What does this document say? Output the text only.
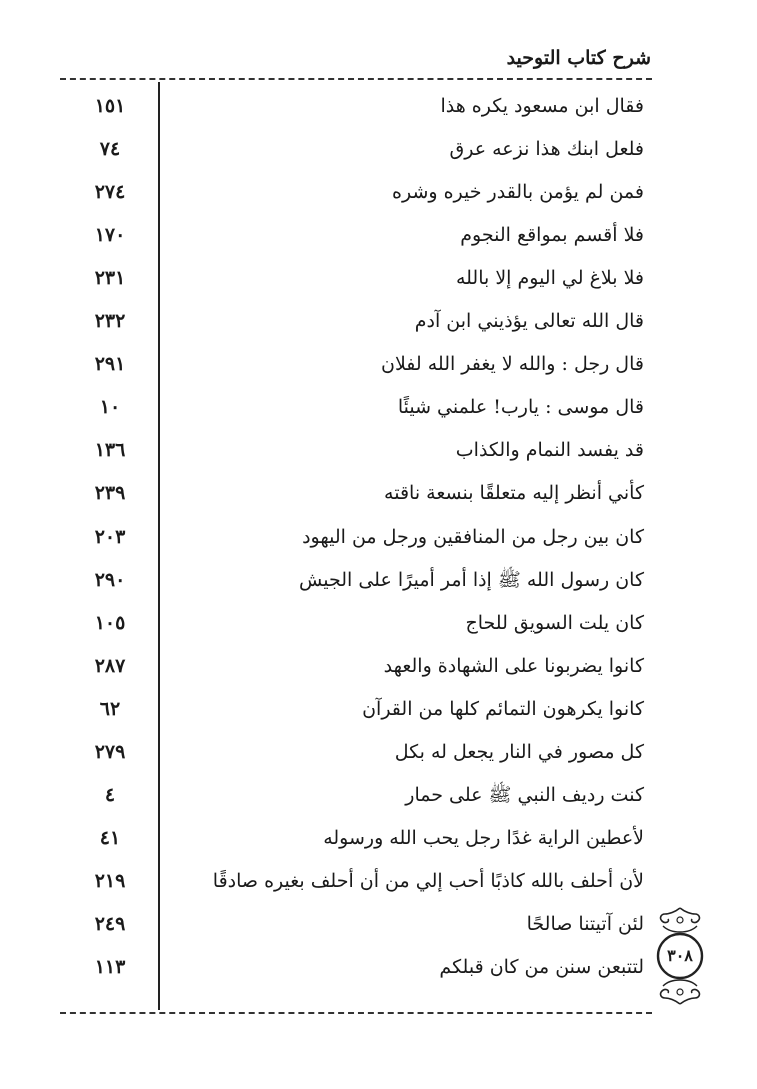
شرح كتاب التوحيد
فقال ابن مسعود يكره هذا
١٥١
فلعل ابنك هذا نزعه عرق
٧٤
فمن لم يؤمن بالقدر خيره وشره
٢٧٤
فلا أقسم بمواقع النجوم
١٧٠
فلا بلاغ لي اليوم إلا بالله
٢٣١
قال الله تعالى يؤذيني ابن آدم
٢٣٢
قال رجل : والله لا يغفر الله لفلان
٢٩١
قال موسى : يارب! علمني شيئًا
١٠
قد يفسد النمام والكذاب
١٣٦
كأني أنظر إليه متعلقًا بنسعة ناقته
٢٣٩
كان بين رجل من المنافقين ورجل من اليهود
٢٠٣
كان رسول الله ﷺ إذا أمر أميرًا على الجيش
٢٩٠
كان يلت السويق للحاج
١٠٥
كانوا يضربونا على الشهادة والعهد
٢٨٧
كانوا يكرهون التمائم كلها من القرآن
٦٢
كل مصور في النار يجعل له بكل
٢٧٩
كنت رديف النبي ﷺ على حمار
٤
لأعطين الراية غدًا رجل يحب الله ورسوله
٤١
لأن أحلف بالله كاذبًا أحب إلي من أن أحلف بغيره صادقًا
٢١٩
لئن آتيتنا صالحًا
٢٤٩
لتتبعن سنن من كان قبلكم
١١٣
٣٠٨
